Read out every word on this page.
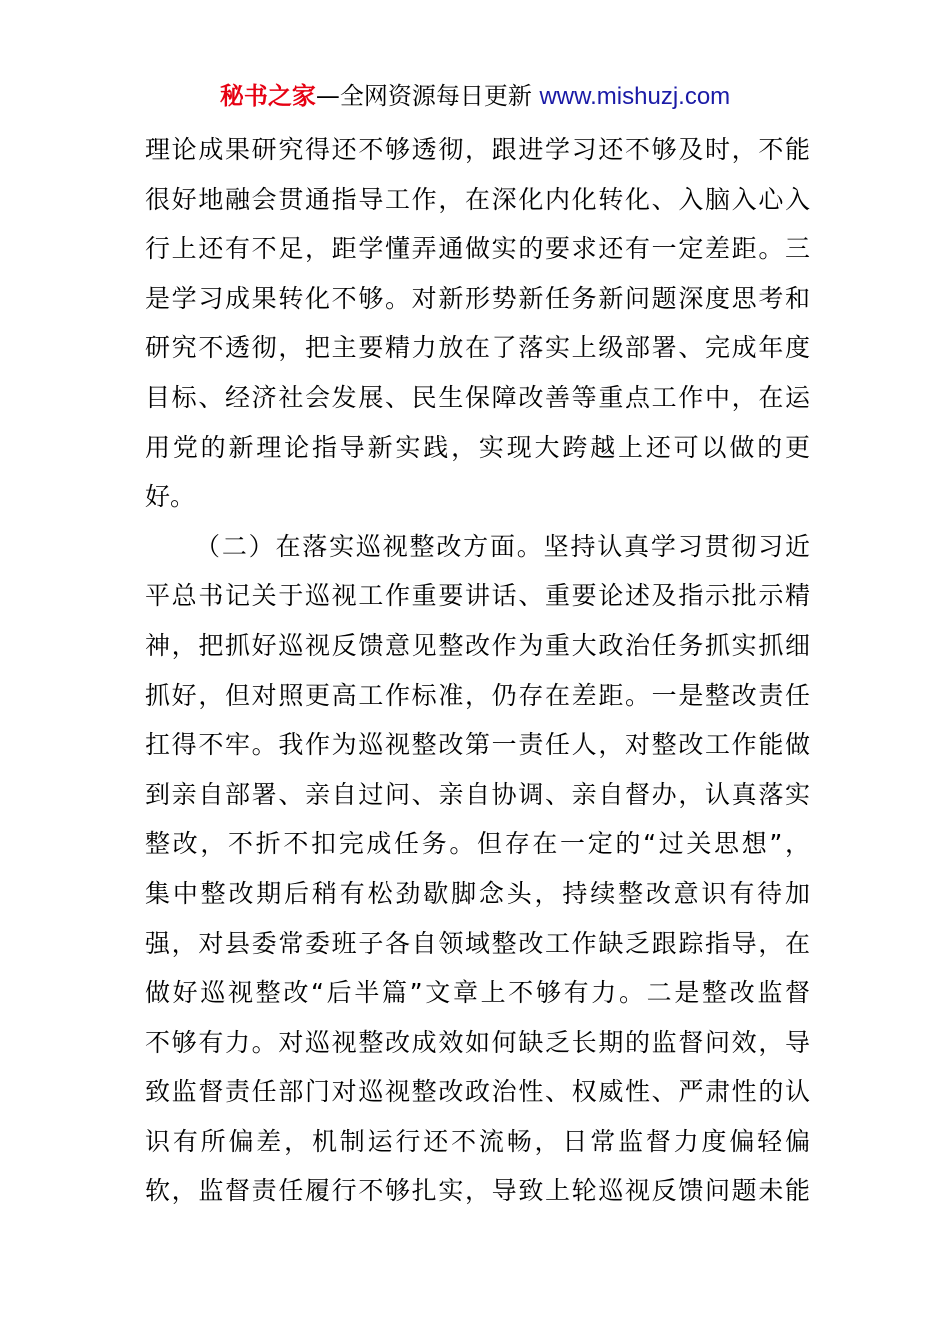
秘书之家—全网资源每日更新 www.mishuzj.com
理论成果研究得还不够透彻，跟进学习还不够及时，不能
很好地融会贯通指导工作，在深化内化转化、入脑入心入
行上还有不足，距学懂弄通做实的要求还有一定差距。三
是学习成果转化不够。对新形势新任务新问题深度思考和
研究不透彻，把主要精力放在了落实上级部署、完成年度
目标、经济社会发展、民生保障改善等重点工作中，在运
用党的新理论指导新实践，实现大跨越上还可以做的更
好。
（二）在落实巡视整改方面。坚持认真学习贯彻习近
平总书记关于巡视工作重要讲话、重要论述及指示批示精
神，把抓好巡视反馈意见整改作为重大政治任务抓实抓细
抓好，但对照更高工作标准，仍存在差距。一是整改责任
扛得不牢。我作为巡视整改第一责任人，对整改工作能做
到亲自部署、亲自过问、亲自协调、亲自督办，认真落实
整改，不折不扣完成任务。但存在一定的“过关思想”，
集中整改期后稍有松劲歇脚念头，持续整改意识有待加
强，对县委常委班子各自领域整改工作缺乏跟踪指导，在
做好巡视整改“后半篇”文章上不够有力。二是整改监督
不够有力。对巡视整改成效如何缺乏长期的监督问效，导
致监督责任部门对巡视整改政治性、权威性、严肃性的认
识有所偏差，机制运行还不流畅，日常监督力度偏轻偏
软，监督责任履行不够扎实，导致上轮巡视反馈问题未能
